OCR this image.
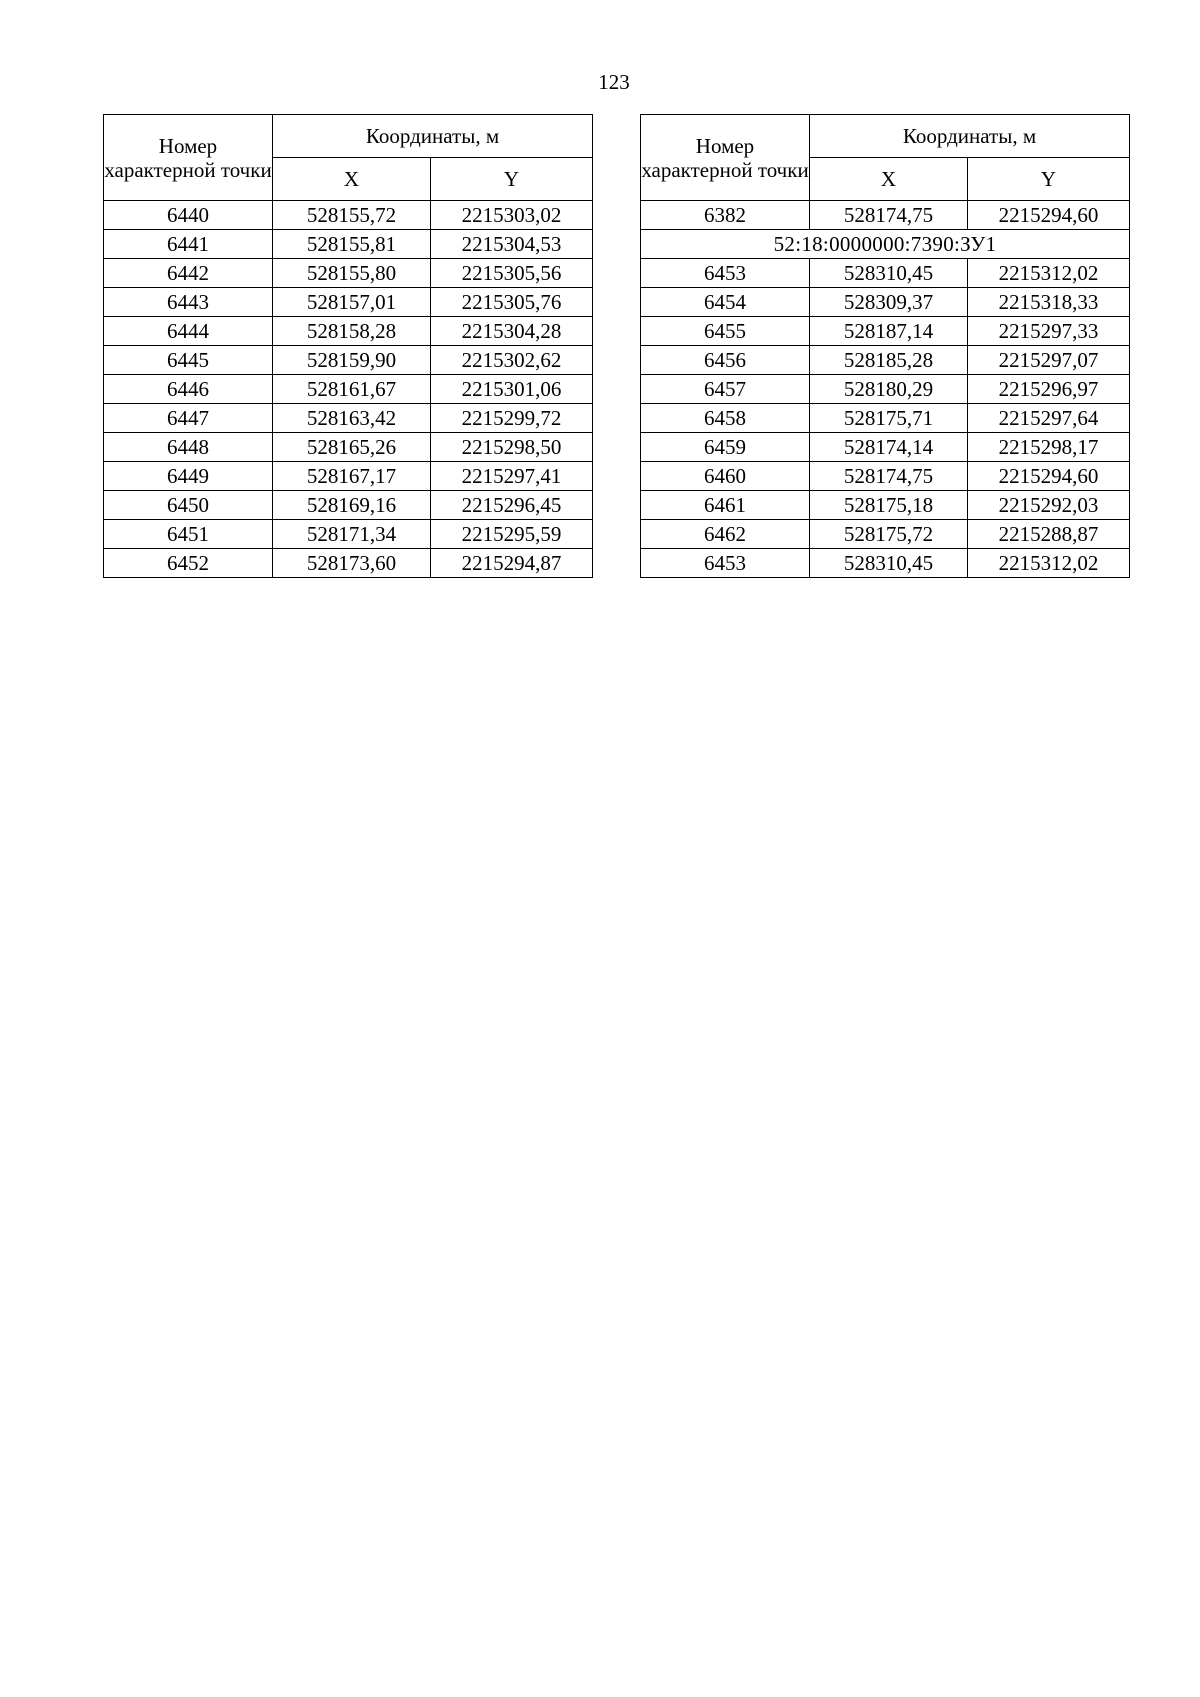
123
Номер характерной точки	Координаты, м	
	X	Y
6440	528155,72	2215303,02
6441	528155,81	2215304,53
6442	528155,80	2215305,56
6443	528157,01	2215305,76
6444	528158,28	2215304,28
6445	528159,90	2215302,62
6446	528161,67	2215301,06
6447	528163,42	2215299,72
6448	528165,26	2215298,50
6449	528167,17	2215297,41
6450	528169,16	2215296,45
6451	528171,34	2215295,59
6452	528173,60	2215294,87
Номер характерной точки	Координаты, м	
	X	Y
6382	528174,75	2215294,60
52:18:0000000:7390:ЗУ1		
6453	528310,45	2215312,02
6454	528309,37	2215318,33
6455	528187,14	2215297,33
6456	528185,28	2215297,07
6457	528180,29	2215296,97
6458	528175,71	2215297,64
6459	528174,14	2215298,17
6460	528174,75	2215294,60
6461	528175,18	2215292,03
6462	528175,72	2215288,87
6453	528310,45	2215312,02
